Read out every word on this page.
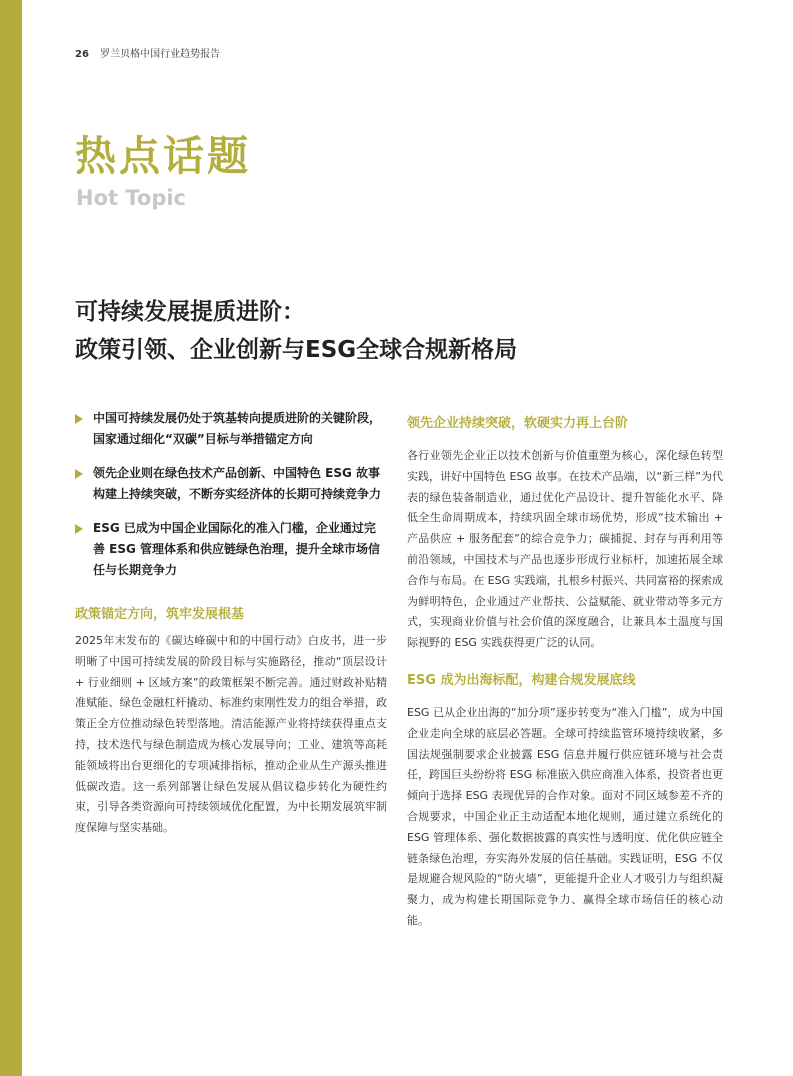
26 罗兰贝格中国行业趋势报告
热点话题
Hot Topic
可持续发展提质进阶：
政策引领、企业创新与ESG全球合规新格局
中国可持续发展仍处于筑基转向提质进阶的关键阶段，国家通过细化“双碳”目标与举措锚定方向
领先企业则在绿色技术产品创新、中国特色 ESG 故事构建上持续突破，不断夯实经济体的长期可持续竞争力
ESG 已成为中国企业国际化的准入门槛，企业通过完善 ESG 管理体系和供应链绿色治理，提升全球市场信任与长期竞争力
政策锚定方向，筑牢发展根基
2025年末发布的《碳达峰碳中和的中国行动》白皮书，进一步明晰了中国可持续发展的阶段目标与实施路径，推动“顶层设计 + 行业细则 + 区域方案”的政策框架不断完善。通过财政补贴精准赋能、绿色金融杠杆撬动、标准约束刚性发力的组合举措，政策正全方位推动绿色转型落地。清洁能源产业将持续获得重点支持，技术迭代与绿色制造成为核心发展导向；工业、建筑等高耗能领域将出台更细化的专项减排指标，推动企业从生产源头推进低碳改造。这一系列部署让绿色发展从倡议稳步转化为硬性约束，引导各类资源向可持续领域优化配置，为中长期发展筑牢制度保障与坚实基础。
领先企业持续突破，软硬实力再上台阶
各行业领先企业正以技术创新与价值重塑为核心，深化绿色转型实践，讲好中国特色 ESG 故事。在技术产品端，以“新三样”为代表的绿色装备制造业，通过优化产品设计、提升智能化水平、降低全生命周期成本，持续巩固全球市场优势，形成“技术输出 + 产品供应 + 服务配套”的综合竞争力；碳捕捉、封存与再利用等前沿领域，中国技术与产品也逐步形成行业标杆，加速拓展全球合作与布局。在 ESG 实践端，扎根乡村振兴、共同富裕的探索成为鲜明特色，企业通过产业帮扶、公益赋能、就业带动等多元方式，实现商业价值与社会价值的深度融合，让兼具本土温度与国际视野的 ESG 实践获得更广泛的认同。
ESG 成为出海标配，构建合规发展底线
ESG 已从企业出海的“加分项”逐步转变为“准入门槛”，成为中国企业走向全球的底层必答题。全球可持续监管环境持续收紧，多国法规强制要求企业披露 ESG 信息并履行供应链环境与社会责任，跨国巨头纷纷将 ESG 标准嵌入供应商准入体系，投资者也更倾向于选择 ESG 表现优异的合作对象。面对不同区域参差不齐的合规要求，中国企业正主动适配本地化规则，通过建立系统化的 ESG 管理体系、强化数据披露的真实性与透明度、优化供应链全链条绿色治理，夯实海外发展的信任基础。实践证明，ESG 不仅是规避合规风险的“防火墙”，更能提升企业人才吸引力与组织凝聚力，成为构建长期国际竞争力、赢得全球市场信任的核心动能。
